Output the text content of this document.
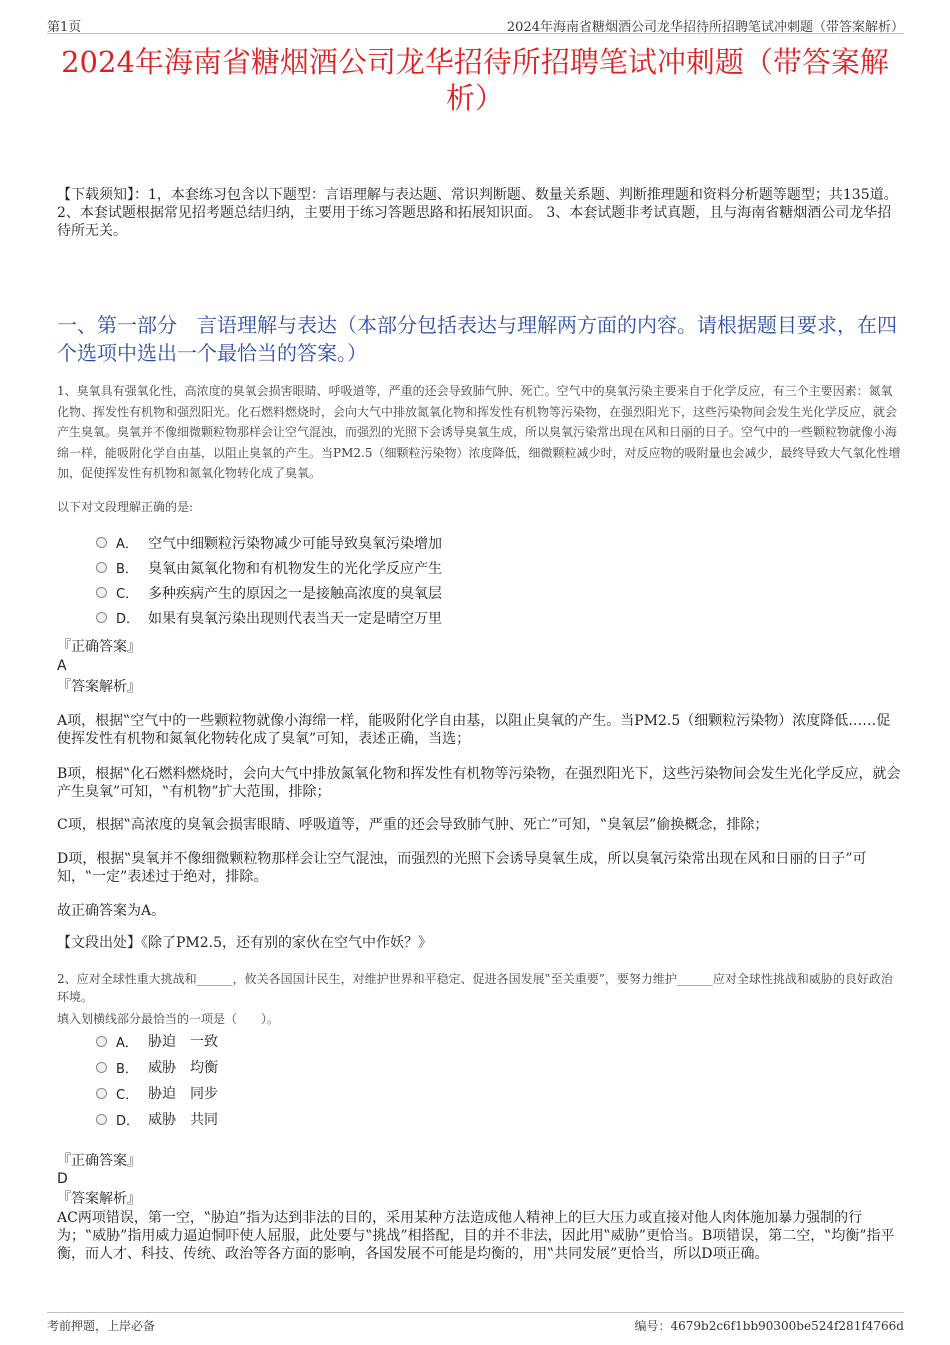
第1页	2024年海南省糖烟酒公司龙华招待所招聘笔试冲刺题（带答案解析）
2024年海南省糖烟酒公司龙华招待所招聘笔试冲刺题（带答案解析）
【下载须知】：1，本套练习包含以下题型：言语理解与表达题、常识判断题、数量关系题、判断推理题和资料分析题等题型；共135道。 2、本套试题根据常见招考题总结归纳，主要用于练习答题思路和拓展知识面。 3、本套试题非考试真题，且与海南省糖烟酒公司龙华招待所无关。
一、第一部分　言语理解与表达（本部分包括表达与理解两方面的内容。请根据题目要求，在四个选项中选出一个最恰当的答案。）
1、臭氧具有强氧化性，高浓度的臭氧会损害眼睛、呼吸道等，严重的还会导致肺气肿、死亡。空气中的臭氧污染主要来自于化学反应，有三个主要因素：氮氧化物、挥发性有机物和强烈阳光。化石燃料燃烧时，会向大气中排放氮氧化物和挥发性有机物等污染物，在强烈阳光下，这些污染物间会发生光化学反应，就会产生臭氧。臭氧并不像细微颗粒物那样会让空气混浊，而强烈的光照下会诱导臭氧生成，所以臭氧污染常出现在风和日丽的日子。空气中的一些颗粒物就像小海绵一样，能吸附化学自由基，以阻止臭氧的产生。当PM2.5（细颗粒污染物）浓度降低，细微颗粒减少时，对反应物的吸附量也会减少，最终导致大气氧化性增加，促使挥发性有机物和氮氧化物转化成了臭氧。
以下对文段理解正确的是:
A． 空气中细颗粒污染物减少可能导致臭氧污染增加
B． 臭氧由氮氧化物和有机物发生的光化学反应产生
C． 多种疾病产生的原因之一是接触高浓度的臭氧层
D． 如果有臭氧污染出现则代表当天一定是晴空万里
『正确答案』
A
『答案解析』
A项，根据‟空气中的一些颗粒物就像小海绵一样，能吸附化学自由基，以阻止臭氧的产生。当PM2.5（细颗粒污染物）浓度降低……促使挥发性有机物和氮氧化物转化成了臭氧”可知，表述正确，当选；
B项，根据‟化石燃料燃烧时，会向大气中排放氮氧化物和挥发性有机物等污染物，在强烈阳光下，这些污染物间会发生光化学反应，就会产生臭氧”可知，‟有机物”扩大范围，排除；
C项，根据‟高浓度的臭氧会损害眼睛、呼吸道等，严重的还会导致肺气肿、死亡”可知，‟臭氧层”偷换概念，排除；
D项，根据‟臭氧并不像细微颗粒物那样会让空气混浊，而强烈的光照下会诱导臭氧生成，所以臭氧污染常出现在风和日丽的日子”可知，‟一定”表述过于绝对，排除。
故正确答案为A。
【文段出处】《除了PM2.5，还有别的家伙在空气中作妖？》
2、应对全球性重大挑战和______，攸关各国国计民生，对维护世界和平稳定、促进各国发展‟至关重要”，要努力维护______应对全球性挑战和威胁的良好政治环境。
填入划横线部分最恰当的一项是（　　）。
A． 胁迫　一致
B． 威胁　均衡
C． 胁迫　同步
D． 威胁　共同
『正确答案』
D
『答案解析』
AC两项错误，第一空，‟胁迫”指为达到非法的目的，采用某种方法造成他人精神上的巨大压力或直接对他人肉体施加暴力强制的行为；‟威胁”指用威力逼迫恫吓使人屈服，此处要与‟挑战”相搭配，目的并不非法，因此用‟威胁”更恰当。B项错误，第二空，‟均衡”指平衡，而人才、科技、传统、政治等各方面的影响，各国发展不可能是均衡的，用‟共同发展”更恰当，所以D项正确。
考前押题，上岸必备	编号：4679b2c6f1bb90300be524f281f4766d
